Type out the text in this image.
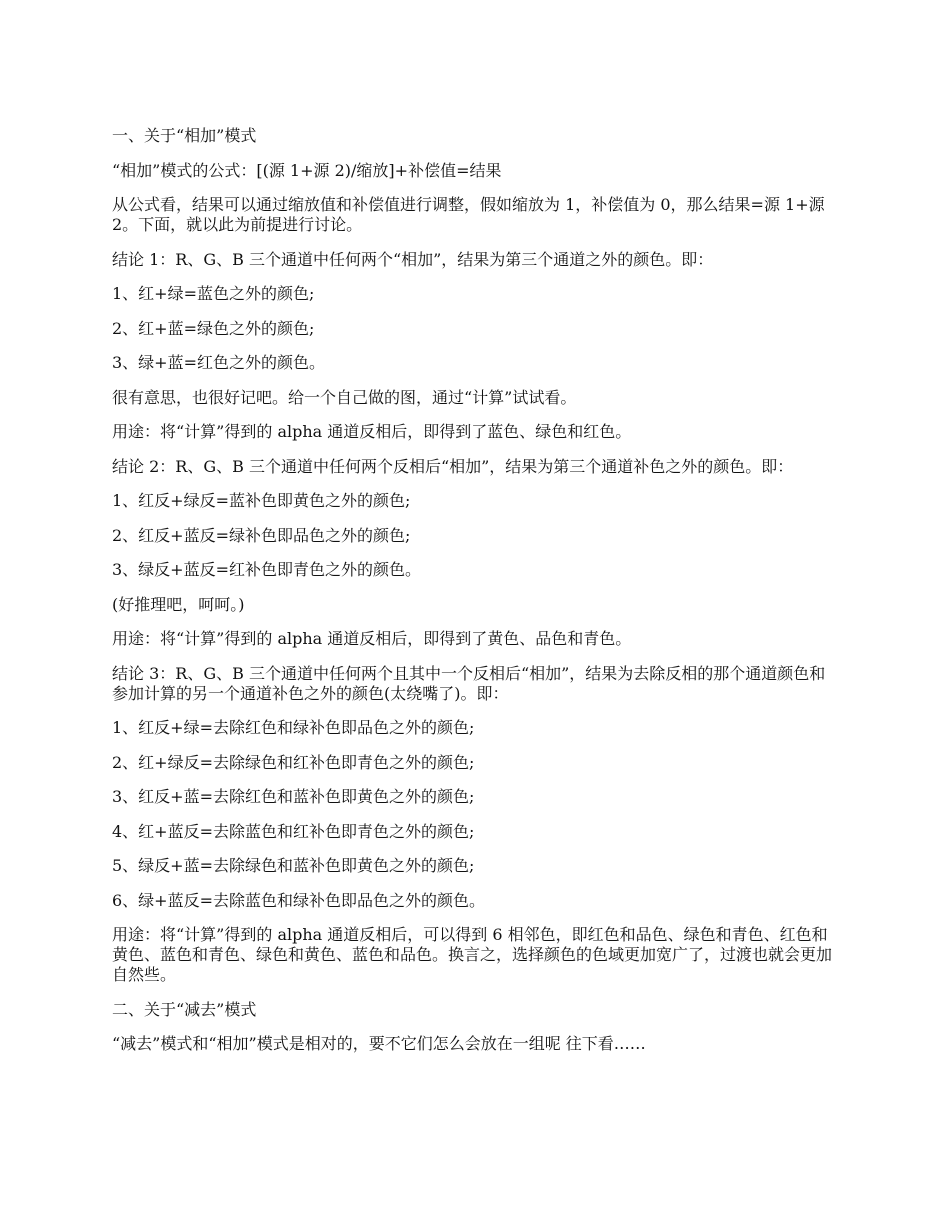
一、关于“相加”模式

“相加”模式的公式：[(源 1+源 2)/缩放]+补偿值=结果

从公式看，结果可以通过缩放值和补偿值进行调整，假如缩放为 1，补偿值为 0，那么结果=源 1+源 2。下面，就以此为前提进行讨论。

结论 1：R、G、B 三个通道中任何两个“相加”，结果为第三个通道之外的颜色。即：

1、红+绿=蓝色之外的颜色;

2、红+蓝=绿色之外的颜色;

3、绿+蓝=红色之外的颜色。

很有意思，也很好记吧。给一个自己做的图，通过“计算”试试看。

用途：将“计算”得到的 alpha 通道反相后，即得到了蓝色、绿色和红色。

结论 2：R、G、B 三个通道中任何两个反相后“相加”，结果为第三个通道补色之外的颜色。即：

1、红反+绿反=蓝补色即黄色之外的颜色;

2、红反+蓝反=绿补色即品色之外的颜色;

3、绿反+蓝反=红补色即青色之外的颜色。

(好推理吧，呵呵。)

用途：将“计算”得到的 alpha 通道反相后，即得到了黄色、品色和青色。

结论 3：R、G、B 三个通道中任何两个且其中一个反相后“相加”，结果为去除反相的那个通道颜色和参加计算的另一个通道补色之外的颜色(太绕嘴了)。即：

1、红反+绿=去除红色和绿补色即品色之外的颜色;

2、红+绿反=去除绿色和红补色即青色之外的颜色;

3、红反+蓝=去除红色和蓝补色即黄色之外的颜色;

4、红+蓝反=去除蓝色和红补色即青色之外的颜色;

5、绿反+蓝=去除绿色和蓝补色即黄色之外的颜色;

6、绿+蓝反=去除蓝色和绿补色即品色之外的颜色。

用途：将“计算”得到的 alpha 通道反相后，可以得到 6 相邻色，即红色和品色、绿色和青色、红色和黄色、蓝色和青色、绿色和黄色、蓝色和品色。换言之，选择颜色的色域更加宽广了，过渡也就会更加自然些。

二、关于“减去”模式

“减去”模式和“相加”模式是相对的，要不它们怎么会放在一组呢 往下看……
